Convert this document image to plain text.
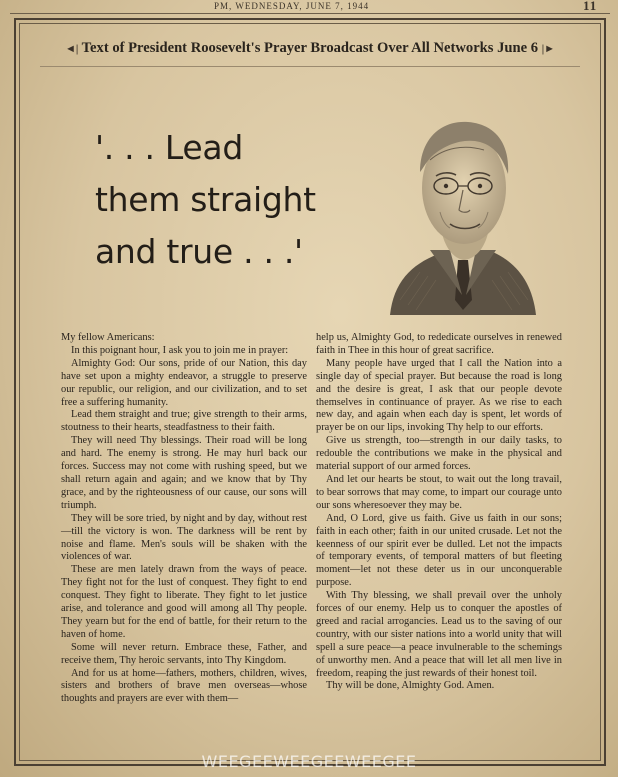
PM, WEDNESDAY, JUNE 7, 1944	11
◄| Text of President Roosevelt's Prayer Broadcast Over All Networks June 6 |►
'. . . Lead
them straight
and true . . .'

My fellow Americans:

In this poignant hour, I ask you to join me in prayer:

Almighty God: Our sons, pride of our Nation, this day have set upon a mighty endeavor, a struggle to preserve our republic, our religion, and our civilization, and to set free a suffering humanity.

Lead them straight and true; give strength to their arms, stoutness to their hearts, steadfastness to their faith.

They will need Thy blessings. Their road will be long and hard. The enemy is strong. He may hurl back our forces. Success may not come with rushing speed, but we shall return again and again; and we know that by Thy grace, and by the righteousness of our cause, our sons will triumph.

They will be sore tried, by night and by day, without rest—till the victory is won. The darkness will be rent by noise and flame. Men's souls will be shaken with the violences of war.

These are men lately drawn from the ways of peace. They fight not for the lust of conquest. They fight to end conquest. They fight to liberate. They fight to let justice arise, and tolerance and good will among all Thy people. They yearn but for the end of battle, for their return to the haven of home.

Some will never return. Embrace these, Father, and receive them, Thy heroic servants, into Thy Kingdom.

And for us at home—fathers, mothers, children, wives, sisters and brothers of brave men overseas—whose thoughts and prayers are ever with them—

help us, Almighty God, to rededicate ourselves in renewed faith in Thee in this hour of great sacrifice.

Many people have urged that I call the Nation into a single day of special prayer. But because the road is long and the desire is great, I ask that our people devote themselves in continuance of prayer. As we rise to each new day, and again when each day is spent, let words of prayer be on our lips, invoking Thy help to our efforts.

Give us strength, too—strength in our daily tasks, to redouble the contributions we make in the physical and material support of our armed forces.

And let our hearts be stout, to wait out the long travail, to bear sorrows that may come, to impart our courage unto our sons wheresoever they may be.

And, O Lord, give us faith. Give us faith in our sons; faith in each other; faith in our united crusade. Let not the keenness of our spirit ever be dulled. Let not the impacts of temporary events, of temporal matters of but fleeting moment—let not these deter us in our unconquerable purpose.

With Thy blessing, we shall prevail over the unholy forces of our enemy. Help us to conquer the apostles of greed and racial arrogancies. Lead us to the saving of our country, with our sister nations into a world unity that will spell a sure peace—a peace invulnerable to the schemings of unworthy men. And a peace that will let all men live in freedom, reaping the just rewards of their honest toil.

Thy will be done, Almighty God. Amen.

WEEGEEWEEGEEWEEGEE
